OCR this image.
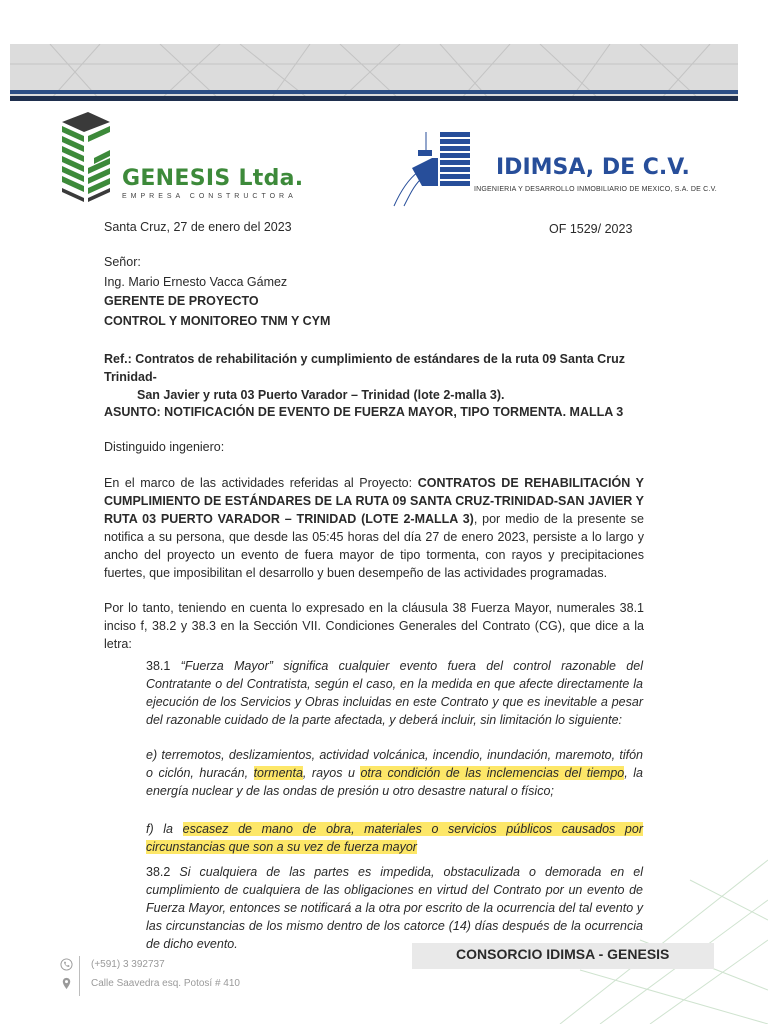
GENESIS Ltda.
EMPRESA CONSTRUCTORA
IDIMSA, DE C.V.
INGENIERIA Y DESARROLLO INMOBILIARIO DE MEXICO, S.A. DE C.V.
Santa Cruz, 27 de enero del 2023	OF 1529/ 2023
Señor:
Ing. Mario Ernesto Vacca Gámez
GERENTE DE PROYECTO
CONTROL Y MONITOREO TNM Y CYM
Ref.: Contratos de rehabilitación y cumplimiento de estándares de la ruta 09 Santa Cruz Trinidad-
San Javier y ruta 03 Puerto Varador – Trinidad (lote 2-malla 3).
ASUNTO: NOTIFICACIÓN DE EVENTO DE FUERZA MAYOR, TIPO TORMENTA. MALLA 3
Distinguido ingeniero:
En el marco de las actividades referidas al Proyecto: CONTRATOS DE REHABILITACIÓN Y CUMPLIMIENTO DE ESTÁNDARES DE LA RUTA 09 SANTA CRUZ-TRINIDAD-SAN JAVIER Y RUTA 03 PUERTO VARADOR – TRINIDAD (LOTE 2-MALLA 3), por medio de la presente se notifica a su persona, que desde las 05:45 horas del día 27 de enero 2023, persiste a lo largo y ancho del proyecto un evento de fuera mayor de tipo tormenta, con rayos y precipitaciones fuertes, que imposibilitan el desarrollo y buen desempeño de las actividades programadas.
Por lo tanto, teniendo en cuenta lo expresado en la cláusula 38 Fuerza Mayor, numerales 38.1 inciso f, 38.2 y 38.3 en la Sección VII. Condiciones Generales del Contrato (CG), que dice a la letra:
38.1 “Fuerza Mayor” significa cualquier evento fuera del control razonable del Contratante o del Contratista, según el caso, en la medida en que afecte directamente la ejecución de los Servicios y Obras incluidas en este Contrato y que es inevitable a pesar del razonable cuidado de la parte afectada, y deberá incluir, sin limitación lo siguiente:
e) terremotos, deslizamientos, actividad volcánica, incendio, inundación, maremoto, tifón o ciclón, huracán, tormenta, rayos u otra condición de las inclemencias del tiempo, la energía nuclear y de las ondas de presión u otro desastre natural o físico;
f) la escasez de mano de obra, materiales o servicios públicos causados por circunstancias que son a su vez de fuerza mayor
38.2 Si cualquiera de las partes es impedida, obstaculizada o demorada en el cumplimiento de cualquiera de las obligaciones en virtud del Contrato por un evento de Fuerza Mayor, entonces se notificará a la otra por escrito de la ocurrencia del tal evento y las circunstancias de los mismo dentro de los catorce (14) días después de la ocurrencia de dicho evento.
CONSORCIO IDIMSA - GENESIS
(+591) 3 392737
Calle Saavedra esq. Potosí # 410
